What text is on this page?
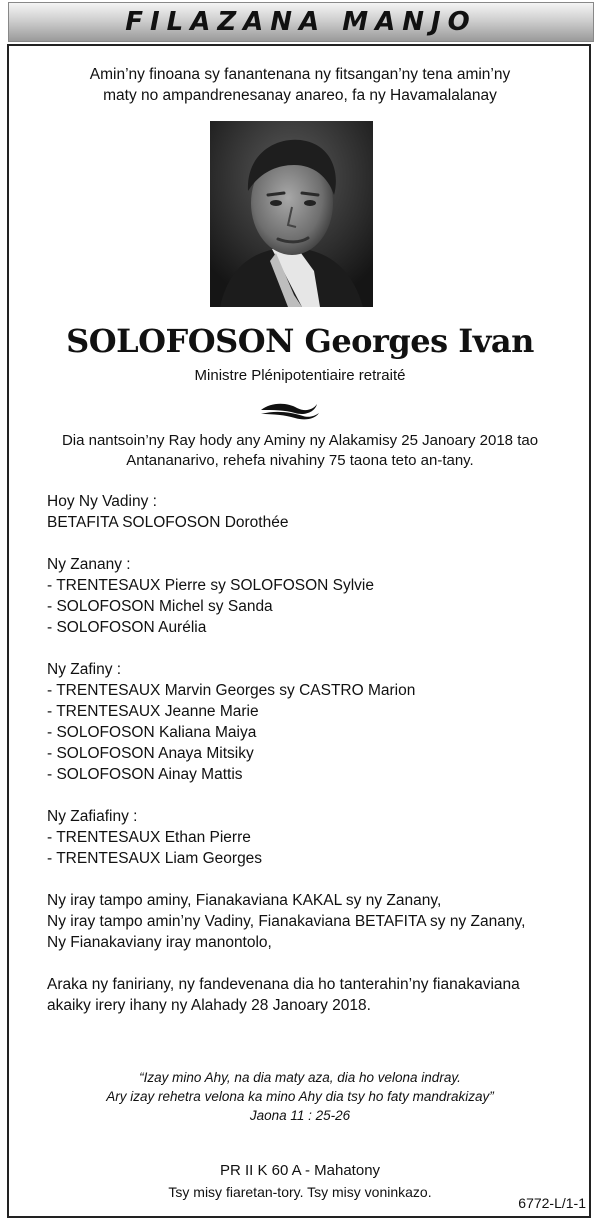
FILAZANA MANJO
Amin’ny finoana sy fanantenana ny fitsangan’ny tena amin’ny
maty no ampandrenesanay anareo, fa ny Havamalalanay
SOLOFOSON Georges Ivan
Ministre Plénipotentiaire retraité
Dia nantsoin’ny Ray hody any Aminy ny Alakamisy 25 Janoary 2018 tao
Antananarivo, rehefa nivahiny 75 taona teto an-tany.
Hoy Ny Vadiny :
BETAFITA SOLOFOSON Dorothée
Ny Zanany :
- TRENTESAUX Pierre sy SOLOFOSON Sylvie
- SOLOFOSON Michel sy Sanda
- SOLOFOSON Aurélia
Ny Zafiny :
- TRENTESAUX Marvin Georges sy CASTRO Marion
- TRENTESAUX Jeanne Marie
- SOLOFOSON Kaliana Maiya
- SOLOFOSON Anaya Mitsiky
- SOLOFOSON Ainay Mattis
Ny Zafiafiny :
- TRENTESAUX Ethan Pierre
- TRENTESAUX Liam Georges
Ny iray tampo aminy, Fianakaviana KAKAL sy ny Zanany,
Ny iray tampo amin’ny Vadiny, Fianakaviana BETAFITA sy ny Zanany,
Ny Fianakaviany iray manontolo,
Araka ny faniriany, ny fandevenana dia ho tanterahin’ny fianakaviana
akaiky irery ihany ny Alahady 28 Janoary 2018.
“Izay mino Ahy, na dia maty aza, dia ho velona indray.
Ary izay rehetra velona ka mino Ahy dia tsy ho faty mandrakizay”
Jaona 11 : 25-26
PR II K 60 A - Mahatony
Tsy misy fiaretan-tory. Tsy misy voninkazo.
6772-L/1-1
